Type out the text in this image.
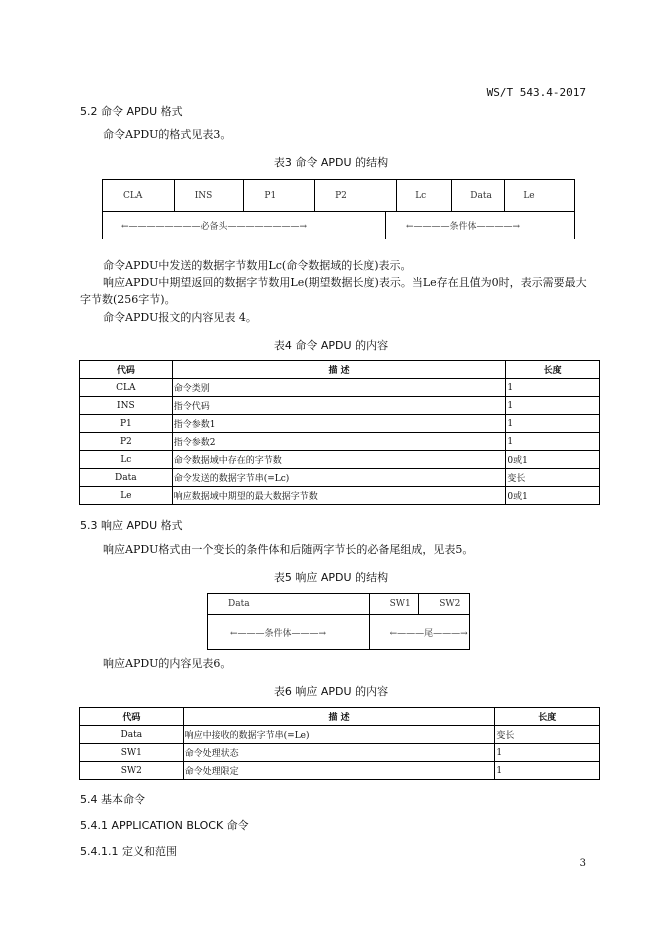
WS/T 543.4-2017
5.2 命令 APDU 格式
命令APDU的格式见表3。
表3 命令 APDU 的结构
CLA	INS	P1	P2	Lc	Data	Le
←————————必备头————————→	←————条件体————→
命令APDU中发送的数据字节数用Lc(命令数据域的长度)表示。
响应APDU中期望返回的数据字节数用Le(期望数据长度)表示。当Le存在且值为0时，表示需要最大
字节数(256字节)。
命令APDU报文的内容见表 4。
表4 命令 APDU 的内容
代码	描 述	长度
CLA	命令类别	1
INS	指令代码	1
P1	指令参数1	1
P2	指令参数2	1
Lc	命令数据域中存在的字节数	0或1
Data	命令发送的数据字节串(=Lc)	变长
Le	响应数据域中期望的最大数据字节数	0或1
5.3 响应 APDU 格式
响应APDU格式由一个变长的条件体和后随两字节长的必备尾组成，见表5。
表5 响应 APDU 的结构
Data	SW1	SW2
←———条件体———→	←———尾———→	
响应APDU的内容见表6。
表6 响应 APDU 的内容
代码	描 述	长度
Data	响应中接收的数据字节串(=Le)	变长
SW1	命令处理状态	1
SW2	命令处理限定	1
5.4 基本命令
5.4.1 APPLICATION BLOCK 命令
5.4.1.1 定义和范围
3
